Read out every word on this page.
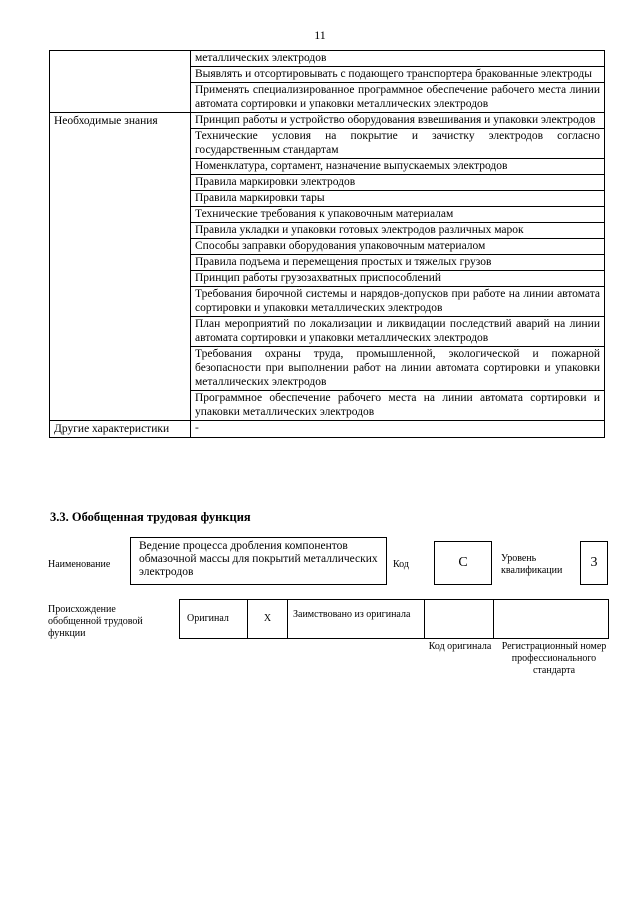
11
	металлических электродов
	Выявлять и отсортировывать с подающего транспортера бракованные электроды
	Применять специализированное программное обеспечение рабочего места линии автомата сортировки и упаковки металлических электродов
Необходимые знания	Принцип работы и устройство оборудования взвешивания и упаковки электродов
	Технические условия на покрытие и зачистку электродов согласно государственным стандартам
	Номенклатура, сортамент, назначение выпускаемых электродов
	Правила маркировки электродов
	Правила маркировки тары
	Технические требования к упаковочным материалам
	Правила укладки и упаковки готовых электродов различных марок
	Способы заправки оборудования упаковочным материалом
	Правила подъема и перемещения простых и тяжелых грузов
	Принцип работы грузозахватных приспособлений
	Требования бирочной системы и нарядов-допусков при работе на линии автомата сортировки и упаковки металлических электродов
	План мероприятий по локализации и ликвидации последствий аварий на линии автомата сортировки и упаковки металлических электродов
	Требования охраны труда, промышленной, экологической и пожарной безопасности при выполнении работ на линии автомата сортировки и упаковки металлических электродов
	Программное обеспечение рабочего места на линии автомата сортировки и упаковки металлических электродов
Другие характеристики	-
3.3. Обобщенная трудовая функция
Наименование
Ведение процесса дробления компонентов обмазочной массы для покрытий металлических электродов
Код	C	Уровень квалификации
3
Происхождение обобщенной трудовой функции
Оригинал	X	Заимствовано из оригинала
Код оригинала	Регистрационный номер профессионального стандарта
